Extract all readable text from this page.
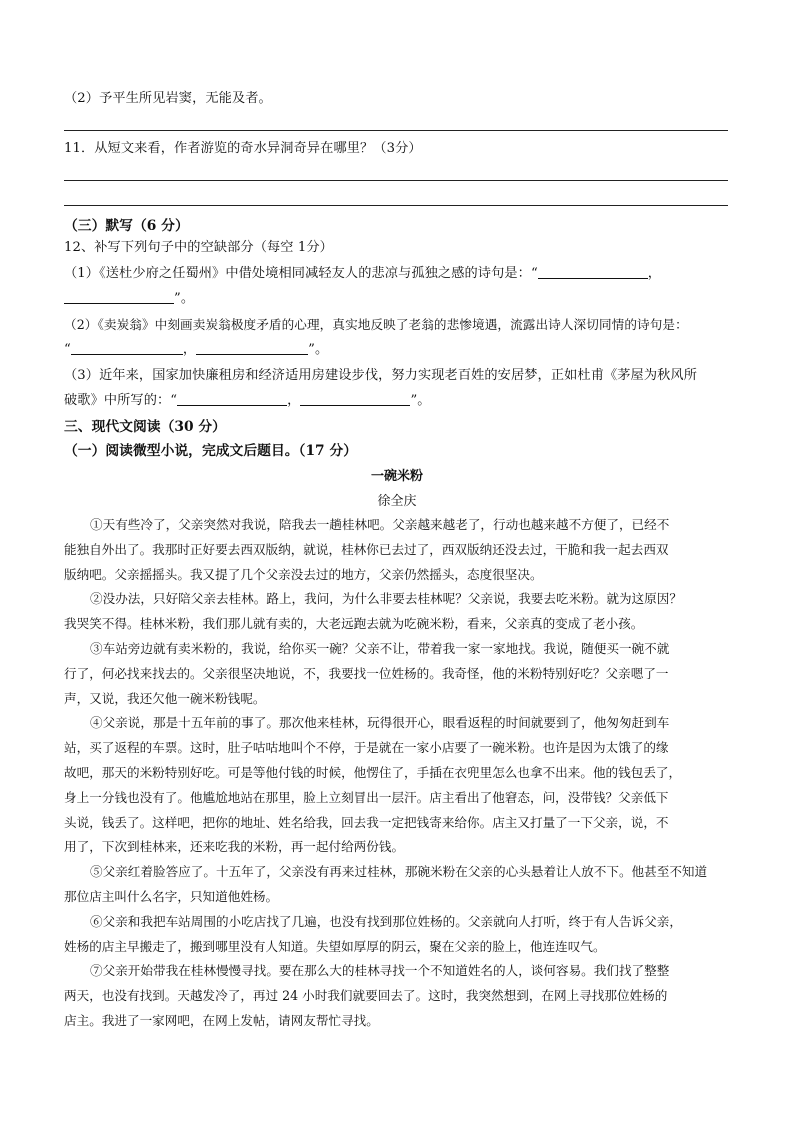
（2）予平生所见岩窦，无能及者。
11．从短文来看，作者游览的奇水异洞奇异在哪里？（3分）
（三）默写（6 分）
12、补写下列句子中的空缺部分（每空 1分）
（1）《送杜少府之任蜀州》中借处境相同减轻友人的悲凉与孤独之感的诗句是：“	，
”。
（2）《卖炭翁》中刻画卖炭翁极度矛盾的心理，真实地反映了老翁的悲惨境遇，流露出诗人深切同情的诗句是：
“	，	”。
（3）近年来，国家加快廉租房和经济适用房建设步伐，努力实现老百姓的安居梦，正如杜甫《茅屋为秋风所
破歌》中所写的：“	，	”。
三、现代文阅读（30 分）
（一）阅读微型小说，完成文后题目。（17 分）
一碗米粉
徐全庆
①天有些冷了，父亲突然对我说，陪我去一趟桂林吧。父亲越来越老了，行动也越来越不方便了，已经不
能独自外出了。我那时正好要去西双版纳，就说，桂林你已去过了，西双版纳还没去过，干脆和我一起去西双
版纳吧。父亲摇摇头。我又提了几个父亲没去过的地方，父亲仍然摇头，态度很坚决。
②没办法，只好陪父亲去桂林。路上，我问，为什么非要去桂林呢？父亲说，我要去吃米粉。就为这原因？
我哭笑不得。桂林米粉，我们那儿就有卖的，大老远跑去就为吃碗米粉，看来，父亲真的变成了老小孩。
③车站旁边就有卖米粉的，我说，给你买一碗？父亲不让，带着我一家一家地找。我说，随便买一碗不就
行了，何必找来找去的。父亲很坚决地说，不，我要找一位姓杨的。我奇怪，他的米粉特别好吃？父亲嗯了一
声，又说，我还欠他一碗米粉钱呢。
④父亲说，那是十五年前的事了。那次他来桂林，玩得很开心，眼看返程的时间就要到了，他匆匆赶到车
站，买了返程的车票。这时，肚子咕咕地叫个不停，于是就在一家小店要了一碗米粉。也许是因为太饿了的缘
故吧，那天的米粉特别好吃。可是等他付钱的时候，他愣住了，手插在衣兜里怎么也拿不出来。他的钱包丢了，
身上一分钱也没有了。他尴尬地站在那里，脸上立刻冒出一层汗。店主看出了他窘态，问，没带钱？父亲低下
头说，钱丢了。这样吧，把你的地址、姓名给我，回去我一定把钱寄来给你。店主又打量了一下父亲，说，不
用了，下次到桂林来，还来吃我的米粉，再一起付给两份钱。
⑤父亲红着脸答应了。十五年了，父亲没有再来过桂林，那碗米粉在父亲的心头悬着让人放不下。他甚至不知道
那位店主叫什么名字，只知道他姓杨。
⑥父亲和我把车站周围的小吃店找了几遍，也没有找到那位姓杨的。父亲就向人打听，终于有人告诉父亲，
姓杨的店主早搬走了，搬到哪里没有人知道。失望如厚厚的阴云，聚在父亲的脸上，他连连叹气。
⑦父亲开始带我在桂林慢慢寻找。要在那么大的桂林寻找一个不知道姓名的人，谈何容易。我们找了整整
两天，也没有找到。天越发冷了，再过 24 小时我们就要回去了。这时，我突然想到，在网上寻找那位姓杨的
店主。我进了一家网吧，在网上发帖，请网友帮忙寻找。
